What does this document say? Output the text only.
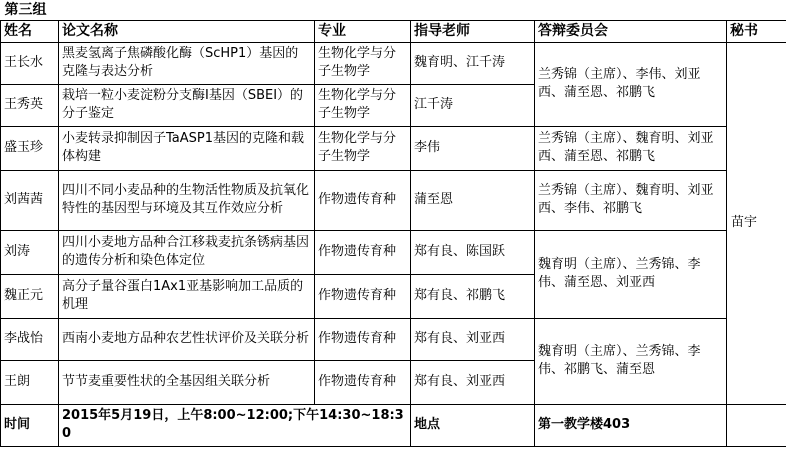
第三组					
姓名	论文名称	专业	指导老师	答辩委员会	秘书
王长水	黑麦氢离子焦磷酸化酶（ScHP1）基因的克隆与表达分析	生物化学与分子生物学	魏育明、江千涛	兰秀锦（主席）、李伟、刘亚西、蒲至恩、祁鹏飞	苗宇
王秀英	栽培一粒小麦淀粉分支酶I基因（SBEI）的分子鉴定	生物化学与分子生物学	江千涛		
盛玉珍	小麦转录抑制因子TaASP1基因的克隆和载体构建	生物化学与分子生物学	李伟	兰秀锦（主席）、魏育明、刘亚西、蒲至恩、祁鹏飞	
刘茜茜	四川不同小麦品种的生物活性物质及抗氧化特性的基因型与环境及其互作效应分析	作物遗传育种	蒲至恩	兰秀锦（主席）、魏育明、刘亚西、李伟、祁鹏飞	
刘涛	四川小麦地方品种合江移栽麦抗条锈病基因的遗传分析和染色体定位	作物遗传育种	郑有良、陈国跃	魏育明（主席）、兰秀锦、李伟、蒲至恩、刘亚西	
魏正元	高分子量谷蛋白1Ax1亚基影响加工品质的机理	作物遗传育种	郑有良、祁鹏飞		
李战怡	西南小麦地方品种农艺性状评价及关联分析	作物遗传育种	郑有良、刘亚西	魏育明（主席）、兰秀锦、李伟、祁鹏飞、蒲至恩	
王朗	节节麦重要性状的全基因组关联分析	作物遗传育种	郑有良、刘亚西		
时间	2015年5月19日，上午8:00~12:00;下午14:30~18:30		地点	第一教学楼403	
